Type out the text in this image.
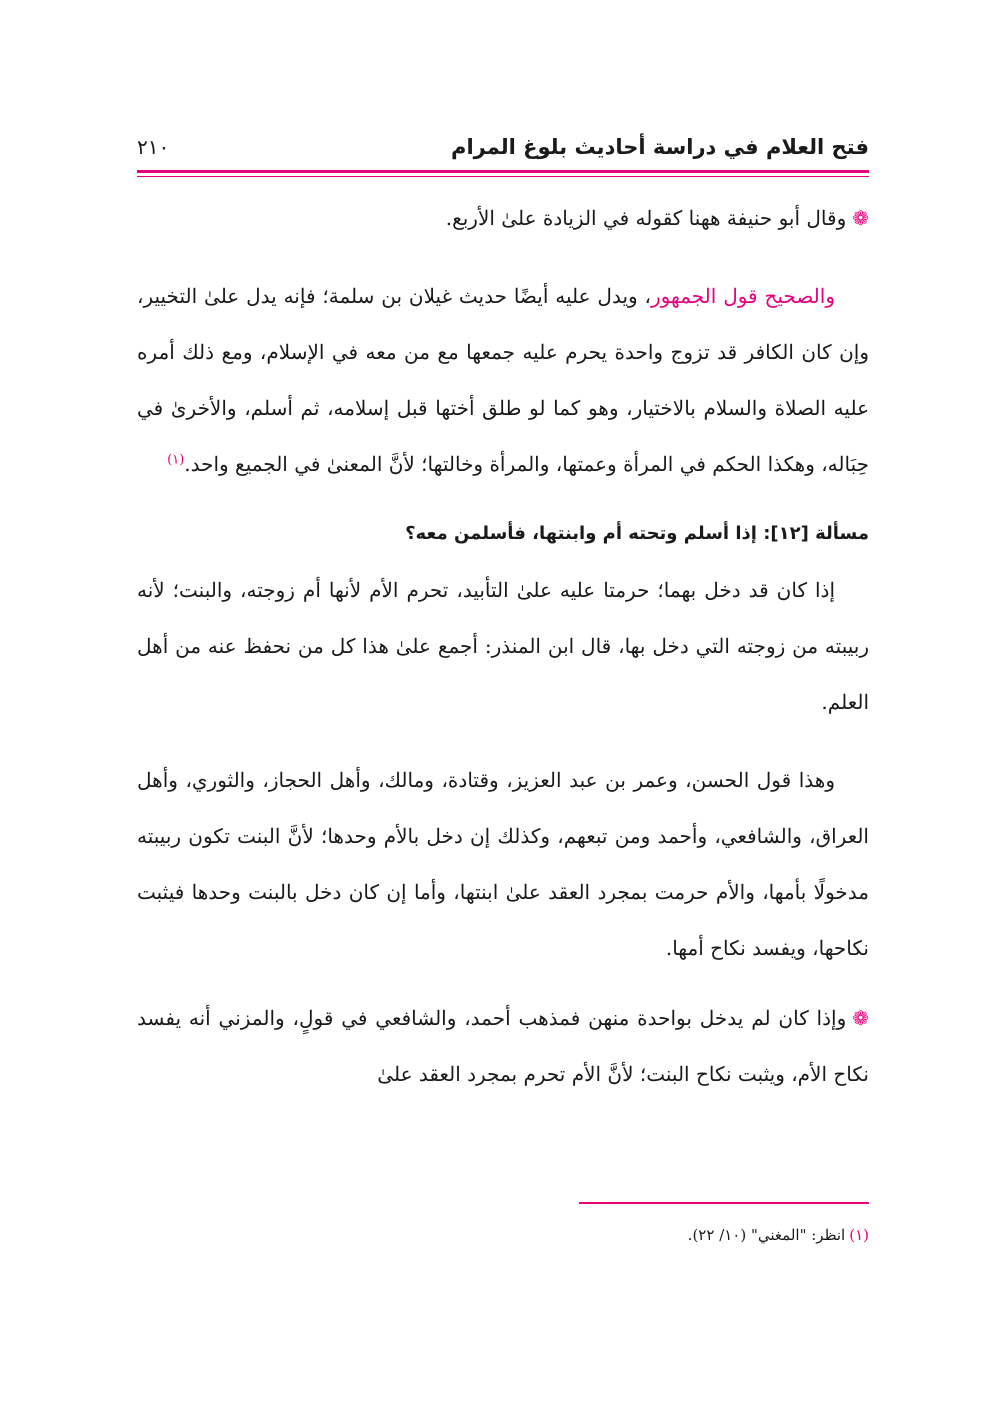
فتح العلام في دراسة أحاديث بلوغ المرام
٢١٠

❁وقال أبو حنيفة ههنا كقوله في الزيادة علىٰ الأربع.

والصحيح قول الجمهور، ويدل عليه أيضًا حديث غيلان بن سلمة؛ فإنه يدل علىٰ التخيير، وإن كان الكافر قد تزوج واحدة يحرم عليه جمعها مع من معه في الإسلام، ومع ذلك أمره عليه الصلاة والسلام بالاختيار، وهو كما لو طلق أختها قبل إسلامه، ثم أسلم، والأخرىٰ في حِبَاله، وهكذا الحكم في المرأة وعمتها، والمرأة وخالتها؛ لأنَّ المعنىٰ في الجميع واحد.$^{(١)}$

مسألة [١٢]: إذا أسلم وتحته أم وابنتها، فأسلمن معه؟

إذا كان قد دخل بهما؛ حرمتا عليه علىٰ التأبيد، تحرم الأم لأنها أم زوجته، والبنت؛ لأنه ربيبته من زوجته التي دخل بها، قال ابن المنذر: أجمع علىٰ هذا كل من نحفظ عنه من أهل العلم.

وهذا قول الحسن، وعمر بن عبد العزيز، وقتادة، ومالك، وأهل الحجاز، والثوري، وأهل العراق، والشافعي، وأحمد ومن تبعهم، وكذلك إن دخل بالأم وحدها؛ لأنَّ البنت تكون ربيبته مدخولًا بأمها، والأم حرمت بمجرد العقد علىٰ ابنتها، وأما إن كان دخل بالبنت وحدها فيثبت نكاحها، ويفسد نكاح أمها.

❁وإذا كان لم يدخل بواحدة منهن فمذهب أحمد، والشافعي في قولٍ، والمزني أنه يفسد نكاح الأم، ويثبت نكاح البنت؛ لأنَّ الأم تحرم بمجرد العقد علىٰ

(١)انظر: "المغني" (١٠/ ٢٢).
